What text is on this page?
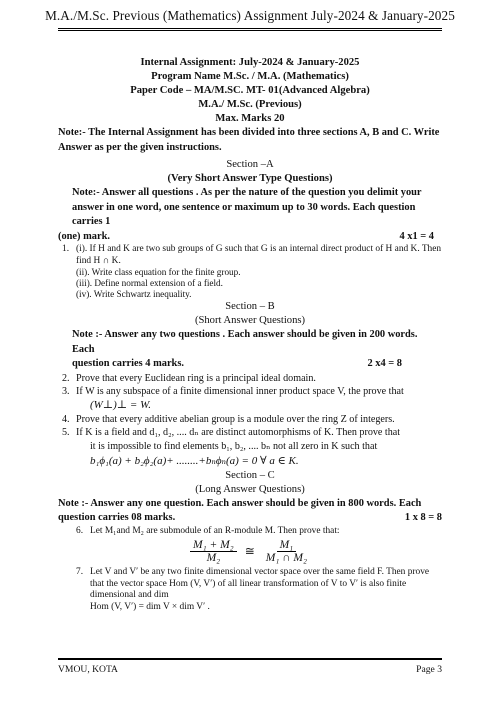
M.A./M.Sc. Previous (Mathematics) Assignment July-2024 & January-2025
Internal Assignment: July-2024 & January-2025
Program Name M.Sc. / M.A. (Mathematics)
Paper Code – MA/M.SC. MT- 01(Advanced Algebra)
M.A./ M.Sc. (Previous)
Max. Marks 20
Note:- The Internal Assignment has been divided into three sections A, B and C. Write Answer as per the given instructions.
Section –A
(Very Short Answer Type Questions)
Note:- Answer all questions . As per the nature of the question you delimit your answer in one word, one sentence or maximum up to 30 words. Each question carries 1
(one) mark.	4 x1 = 4
1. (i). If H and K are two sub groups of G such that G is an internal direct product of H and K. Then find H ∩ K.
(ii). Write class equation for the finite group.
(iii). Define normal extension of a field.
(iv). Write Schwartz inequality.
Section – B
(Short Answer Questions)
Note :- Answer any two questions . Each answer should be given in 200 words. Each
question carries 4 marks.	2 x4 = 8
2. Prove that every Euclidean ring is a principal ideal domain.
3. If W is any subspace of a finite dimensional inner product space V, the prove that
(W⊥)⊥ = W.
4. Prove that every additive abelian group is a module over the ring Z of integers.
5. If K is a field and d₁, d₂, .... dₙ are distinct automorphisms of K. Then prove that
it is impossible to find elements b₁, b₂, .... bₙ not all zero in K such that
b₁ϕ₁(a) + b₂ϕ₂(a)+ ........+bₙϕₙ(a) = 0 ∀ a ∈ K.
Section – C
(Long Answer Questions)
Note :- Answer any one question. Each answer should be given in 800 words. Each
question carries 08 marks.	1 x 8 = 8
6. Let M₁and M₂ are submodule of an R-module M. Then prove that:
$\frac{\text{M₁ + M₂}}{\text{M₂}}$ ≅ $\frac{\text{M₁}}{\text{M₁ ∩ M₂}}$
7. Let V and V′ be any two finite dimensional vector space over the same field F. Then prove that the vector space Hom (V, V′) of all linear transformation of V to V′ is also finite dimensional and dim
Hom (V, V′) = dim V × dim V′ .
VMOU, KOTA	Page 3
